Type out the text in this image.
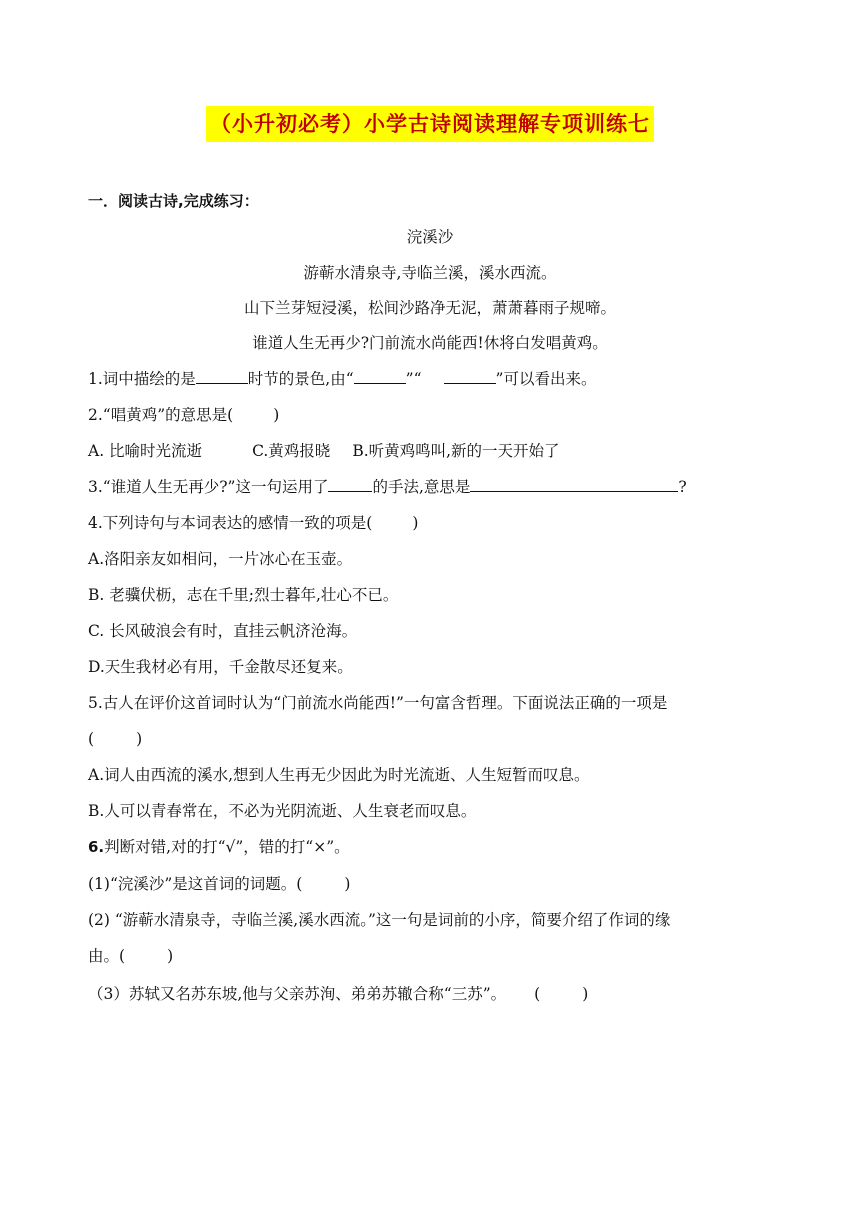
（小升初必考）小学古诗阅读理解专项训练七
一．阅读古诗,完成练习：
浣溪沙
游蕲水清泉寺,寺临兰溪，溪水西流。
山下兰芽短浸溪，松间沙路净无泥，萧萧暮雨子规啼。
谁道人生无再少?门前流水尚能西!休将白发唱黄鸡。
1.词中描绘的是	时节的景色,由“	”“	”可以看出来。
2.“唱黄鸡”的意思是(	)
A. 比喻时光流逝	C.黄鸡报晓 B.听黄鸡鸣叫,新的一天开始了
3.“谁道人生无再少?”这一句运用了	的手法,意思是	?
4.下列诗句与本词表达的感情一致的项是(	)
A.洛阳亲友如相问，一片冰心在玉壶。
B. 老骥伏枥，志在千里;烈士暮年,壮心不已。
C. 长风破浪会有时，直挂云帆济沧海。
D.天生我材必有用，千金散尽还复来。
5.古人在评价这首词时认为“门前流水尚能西!”一句富含哲理。下面说法正确的一项是
(	)
A.词人由西流的溪水,想到人生再无少因此为时光流逝、人生短暂而叹息。
B.人可以青春常在，不必为光阴流逝、人生衰老而叹息。
6.判断对错,对的打“√”，错的打“×”。
(1)“浣溪沙”是这首词的词题。(	)
(2) “游蕲水清泉寺，寺临兰溪,溪水西流。”这一句是词前的小序，简要介绍了作词的缘
由。(	)
（3）苏轼又名苏东坡,他与父亲苏洵、弟弟苏辙合称“三苏”。 (	)
